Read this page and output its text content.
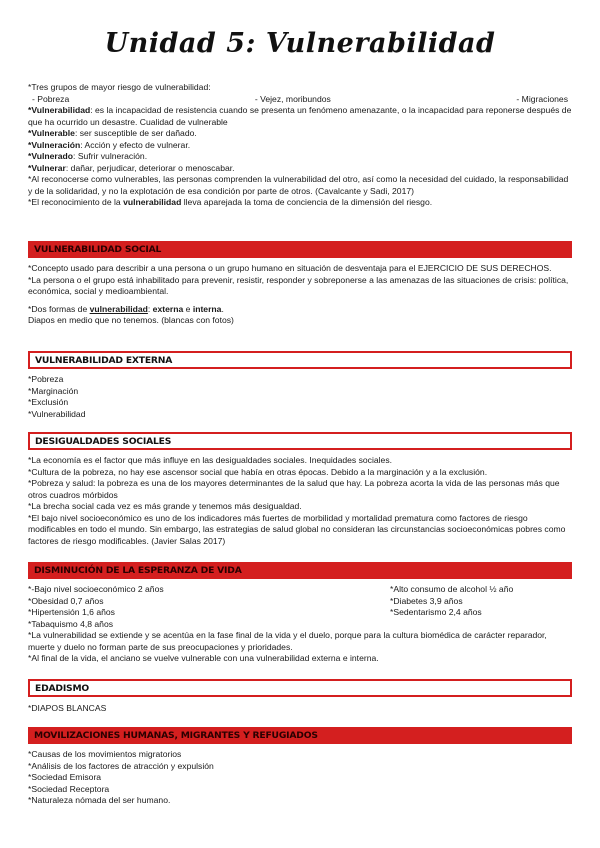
Unidad 5: Vulnerabilidad

*Tres grupos de mayor riesgo de vulnerabilidad:

- Pobreza	- Vejez, moribundos	- Migraciones

*Vulnerabilidad: es la incapacidad de resistencia cuando se presenta un fenómeno amenazante, o la incapacidad para reponerse después de que ha ocurrido un desastre. Cualidad de vulnerable

*Vulnerable: ser susceptible de ser dañado.

*Vulneración: Acción y efecto de vulnerar.

*Vulnerado: Sufrir vulneración.

*Vulnerar: dañar, perjudicar, deteriorar o menoscabar.

*Al reconocerse como vulnerables, las personas comprenden la vulnerabilidad del otro, así como la necesidad del cuidado, la responsabilidad y de la solidaridad, y no la explotación de esa condición por parte de otros. (Cavalcante y Sadi, 2017)

*El reconocimiento de la vulnerabilidad lleva aparejada la toma de conciencia de la dimensión del riesgo.

VULNERABILIDAD SOCIAL

*Concepto usado para describir a una persona o un grupo humano en situación de desventaja para el EJERCICIO DE SUS DERECHOS.

*La persona o el grupo está inhabilitado para prevenir, resistir, responder y sobreponerse a las amenazas de las situaciones de crisis: política, económica, social y medioambiental.

*Dos formas de vulnerabilidad: externa e interna.

Diapos en medio que no tenemos. (blancas con fotos)

VULNERABILIDAD EXTERNA

*Pobreza

*Marginación

*Exclusión

*Vulnerabilidad

DESIGUALDADES SOCIALES

*La economía es el factor que más influye en las desigualdades sociales. Inequidades sociales.

*Cultura de la pobreza, no hay ese ascensor social que había en otras épocas. Debido a la marginación y a la exclusión.

*Pobreza y salud: la pobreza es una de los mayores determinantes de la salud que hay. La pobreza acorta la vida de las personas más que otros cuadros mórbidos

*La brecha social cada vez es más grande y tenemos más desigualdad.

*El bajo nivel socioeconómico es uno de los indicadores más fuertes de morbilidad y mortalidad prematura como factores de riesgo modificables en todo el mundo. Sin embargo, las estrategias de salud global no consideran las circunstancias socioeconómicas pobres como factores de riesgo modificables. (Javier Salas 2017)

DISMINUCIÓN DE LA ESPERANZA DE VIDA

*-Bajo nivel socioeconómico 2 años

*Obesidad 0,7 años

*Hipertensión 1,6 años

*Tabaquismo 4,8 años

*Alto consumo de alcohol ½ año

*Diabetes 3,9 años

*Sedentarismo 2,4 años

*La vulnerabilidad se extiende y se acentúa en la fase final de la vida y el duelo, porque para la cultura biomédica de carácter reparador, muerte y duelo no forman parte de sus preocupaciones y prioridades.

*Al final de la vida, el anciano se vuelve vulnerable con una vulnerabilidad externa e interna.

EDADISMO

*DIAPOS BLANCAS

MOVILIZACIONES HUMANAS, MIGRANTES Y REFUGIADOS

*Causas de los movimientos migratorios

*Análisis de los factores de atracción y expulsión

*Sociedad Emisora

*Sociedad Receptora

*Naturaleza nómada del ser humano.
